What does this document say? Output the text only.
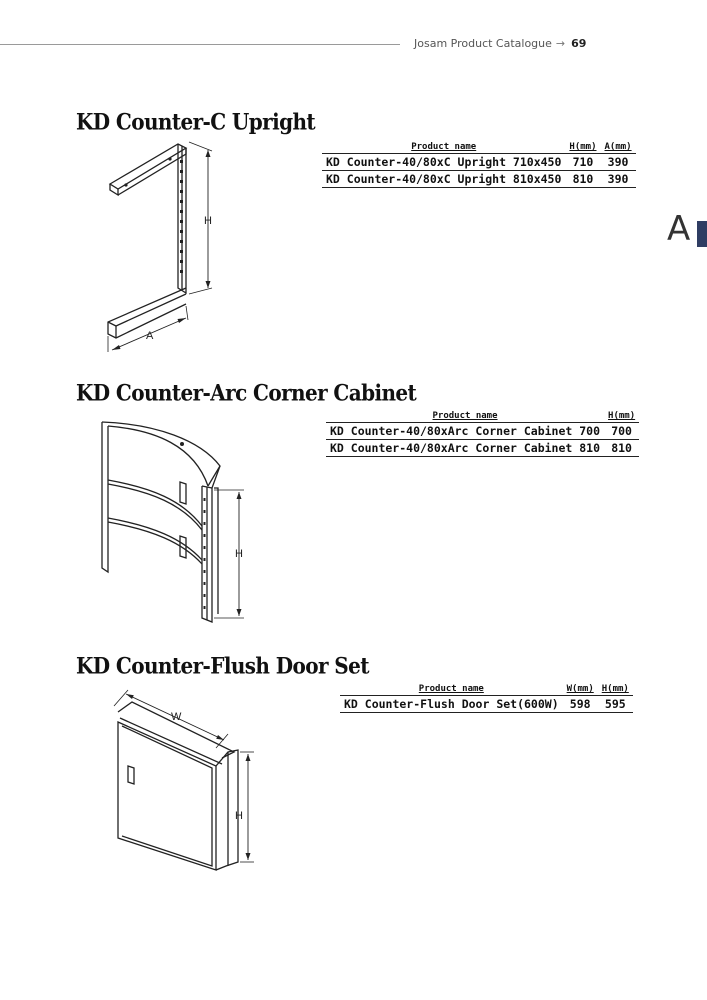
Josam Product Catalogue → 69
A
KD Counter-C Upright
H
A
Product name	H(mm)	A(mm)
KD Counter-40/80xC Upright 710x450	710	390
KD Counter-40/80xC Upright 810x450	810	390
KD Counter-Arc Corner Cabinet
H
Product name	H(mm)
KD Counter-40/80xArc Corner Cabinet 700	700
KD Counter-40/80xArc Corner Cabinet 810	810
KD Counter-Flush Door Set
W
H
Product name	W(mm)	H(mm)
KD Counter-Flush Door Set(600W)	598	595
